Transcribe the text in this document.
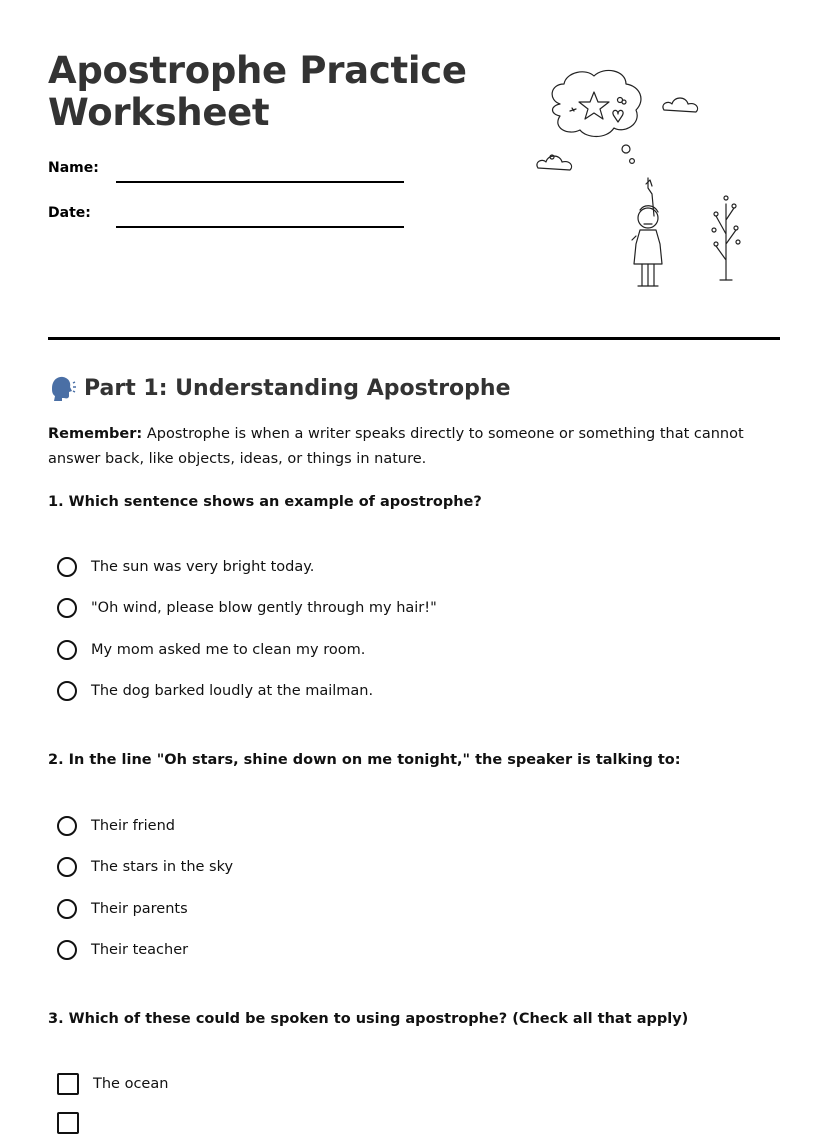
Apostrophe Practice
Worksheet
Name:
Date:
Part 1: Understanding Apostrophe

Remember: Apostrophe is when a writer speaks directly to someone or something that cannot answer back, like objects, ideas, or things in nature.

1. Which sentence shows an example of apostrophe?

The sun was very bright today.
"Oh wind, please blow gently through my hair!"
My mom asked me to clean my room.
The dog barked loudly at the mailman.

2. In the line "Oh stars, shine down on me tonight," the speaker is talking to:

Their friend
The stars in the sky
Their parents
Their teacher

3. Which of these could be spoken to using apostrophe? (Check all that apply)

The ocean
